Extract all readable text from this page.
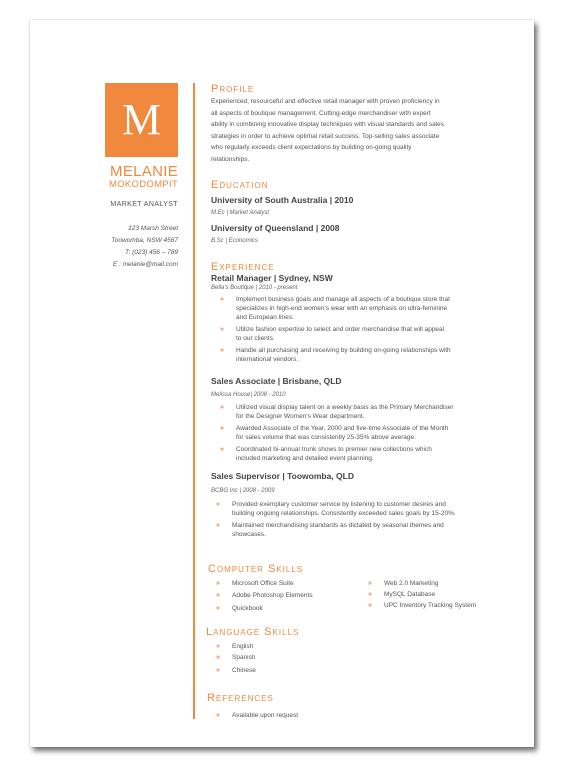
M
MELANIE
MOKODOMPIT
MARKET ANALYST
123 Marsh Street
Toowomba, NSW 4567
T: (023) 456 – 789
E : melanie@mail.com
Profile
Experienced, resourceful and effective retail manager with proven proficiency in
all aspects of boutique management. Cutting-edge merchandiser with expert
ability in combining innovative display techniques with visual standards and sales
strategies in order to achieve optimal retail success. Top-selling sales associate
who regularly exceeds client expectations by building on-going quality
relationships.
Education
University of South Australia | 2010
M.Ec | Market Analyst
University of Queensland | 2008
B.Sc | Economics
Experience
Retail Manager | Sydney, NSW
Bella's Boutique | 2010 - present
» Implement business goals and manage all aspects of a boutique store that
specializes in high-end women's wear with an emphasis on ultra-feminine
and European lines.
» Utilize fashion expertise to select and order merchandise that will appeal
to our clients.
» Handle all purchasing and receiving by building on-going relationships with
international vendors.
Sales Associate | Brisbane, QLD
Melissa House| 2008 - 2010
» Utilized visual display talent on a weekly basis as the Primary Merchandiser
for the Designer Women's Wear department.
» Awarded Associate of the Year, 2000 and five-time Associate of the Month
for sales volume that was consistently 25-35% above average.
» Coordinated bi-annual trunk shows to premier new collections which
included marketing and detailed event planning.
Sales Supervisor | Toowomba, QLD
BCBG Inc | 2008 - 2009
» Provided exemplary customer service by listening to customer desires and
building ongoing relationships. Consistently exceeded sales goals by 15-20%.
» Maintained merchandising standards as dictated by seasonal themes and
showcases.
Computer Skills
» Microsoft Office Suite
» Adobe Photoshop Elements
» Quickbook
» Web 2.0 Marketing
» MySQL Database
» UPC Inventory Tracking System
Language Skills
» English
» Spanish
» Chinese
References
» Available upon request
